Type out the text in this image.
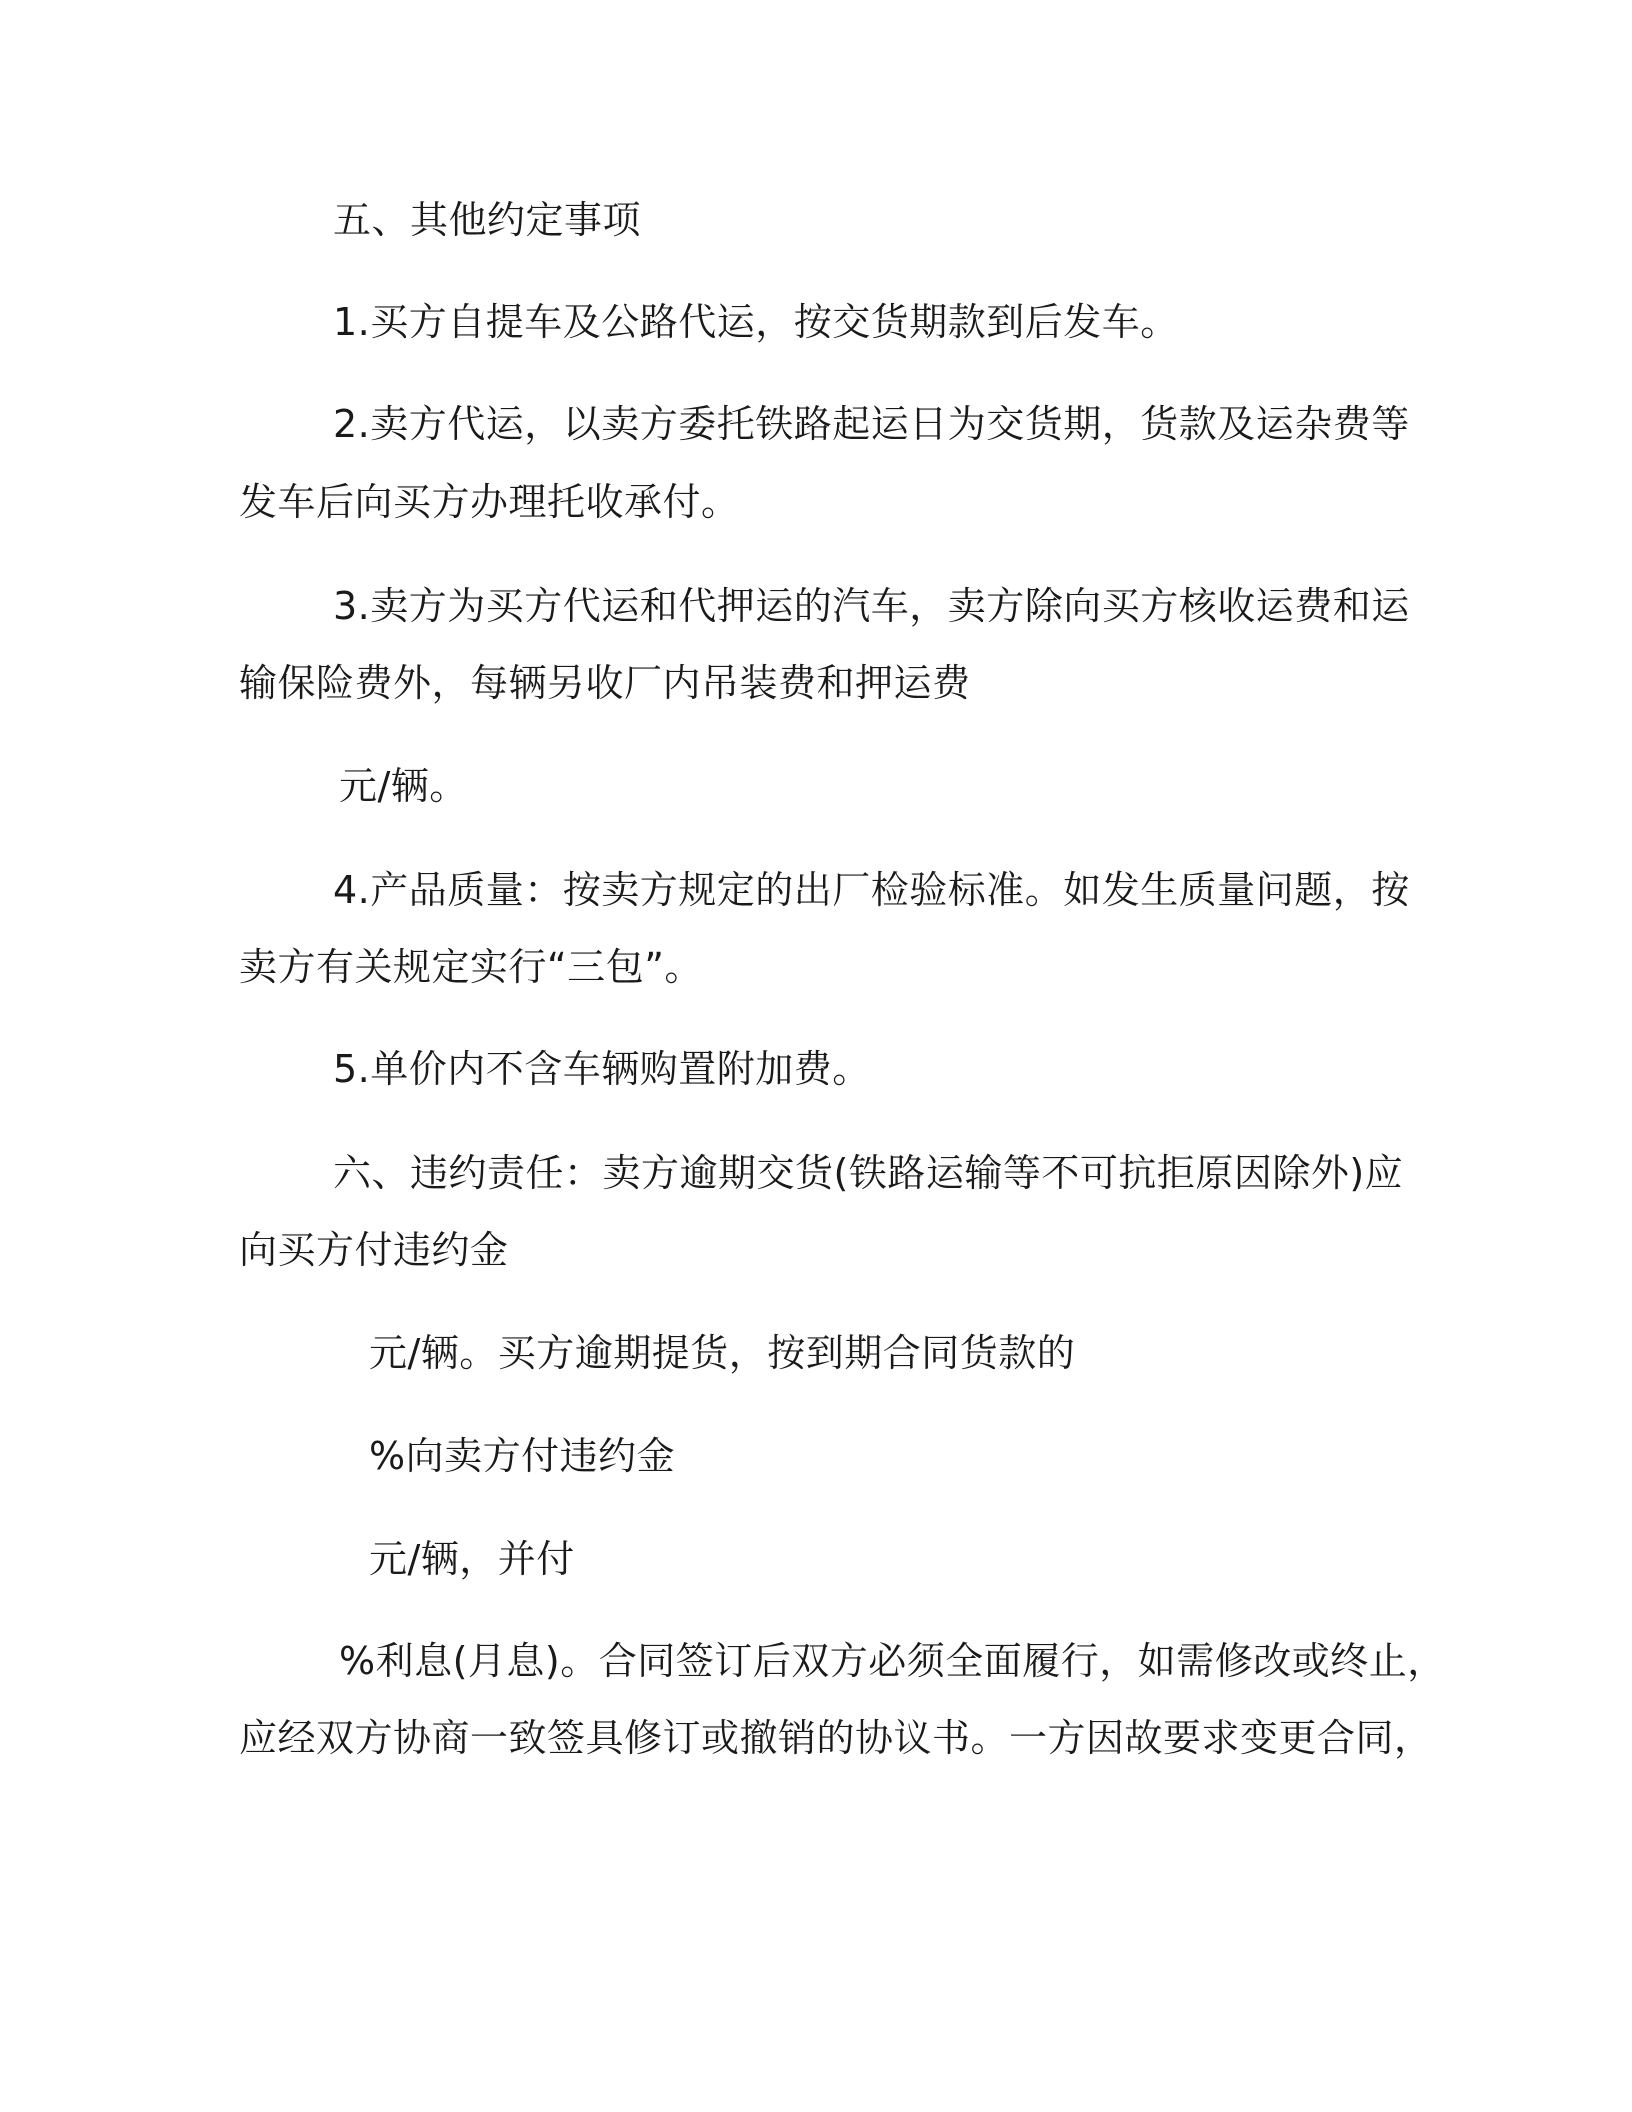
五、其他约定事项
1.买方自提车及公路代运，按交货期款到后发车。
2.卖方代运，以卖方委托铁路起运日为交货期，货款及运杂费等
发车后向买方办理托收承付。
3.卖方为买方代运和代押运的汽车，卖方除向买方核收运费和运
输保险费外，每辆另收厂内吊装费和押运费
元/辆。
4.产品质量：按卖方规定的出厂检验标准。如发生质量问题，按
卖方有关规定实行“三包”。
5.单价内不含车辆购置附加费。
六、违约责任：卖方逾期交货(铁路运输等不可抗拒原因除外)应
向买方付违约金
元/辆。买方逾期提货，按到期合同货款的
%向卖方付违约金
元/辆，并付
%利息(月息)。合同签订后双方必须全面履行，如需修改或终止，
应经双方协商一致签具修订或撤销的协议书。一方因故要求变更合同，
